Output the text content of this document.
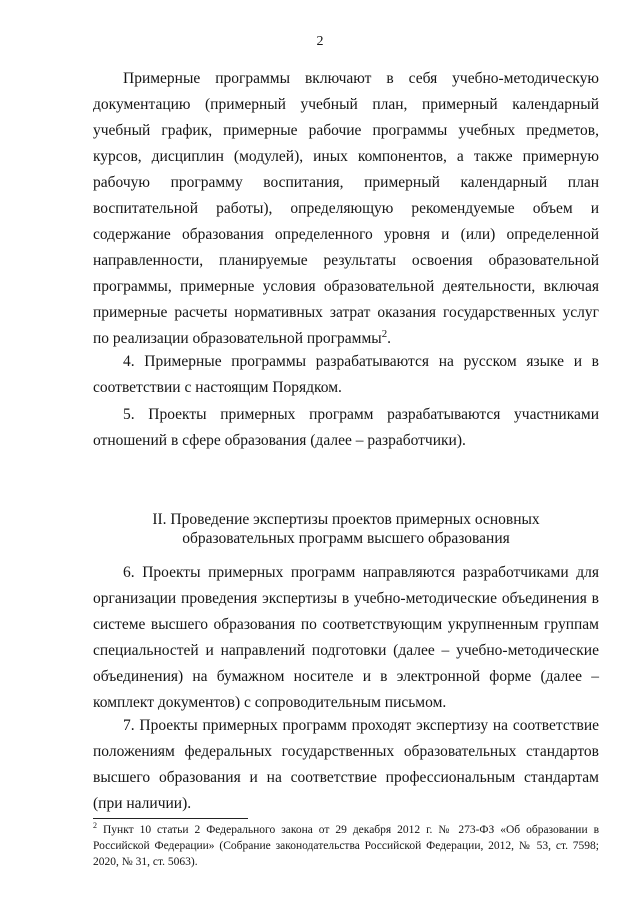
2

Примерные программы включают в себя учебно-методическую документацию (примерный учебный план, примерный календарный учебный график, примерные рабочие программы учебных предметов, курсов, дисциплин (модулей), иных компонентов, а также примерную рабочую программу воспитания, примерный календарный план воспитательной работы), определяющую рекомендуемые объем и содержание образования определенного уровня и (или) определенной направленности, планируемые результаты освоения образовательной программы, примерные условия образовательной деятельности, включая примерные расчеты нормативных затрат оказания государственных услуг по реализации образовательной программы$^2$.

4. Примерные программы разрабатываются на русском языке и в соответствии с настоящим Порядком.

5. Проекты примерных программ разрабатываются участниками отношений в сфере образования (далее – разработчики).

II. Проведение экспертизы проектов примерных основных
образовательных программ высшего образования

6. Проекты примерных программ направляются разработчиками для организации проведения экспертизы в учебно-методические объединения в системе высшего образования по соответствующим укрупненным группам специальностей и направлений подготовки (далее – учебно-методические объединения) на бумажном носителе и в электронной форме (далее – комплект документов) с сопроводительным письмом.

7. Проекты примерных программ проходят экспертизу на соответствие положениям федеральных государственных образовательных стандартов высшего образования и на соответствие профессиональным стандартам (при наличии).

$^2$ Пункт 10 статьи 2 Федерального закона от 29 декабря 2012 г. № 273-ФЗ «Об образовании в Российской Федерации» (Собрание законодательства Российской Федерации, 2012, № 53, ст. 7598; 2020, № 31, ст. 5063).
